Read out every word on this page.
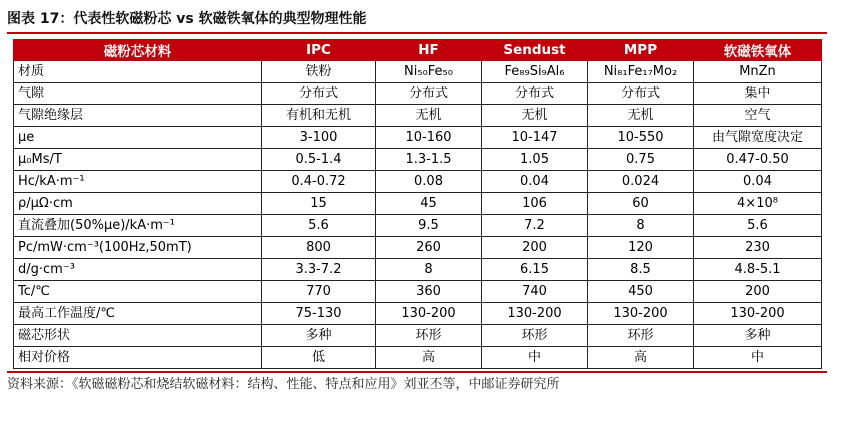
图表 17：代表性软磁粉芯 vs 软磁铁氧体的典型物理性能
磁粉芯材料	IPC	HF	Sendust	MPP	软磁铁氧体
材质	铁粉	Ni₅₀Fe₅₀	Fe₈₉Si₉Al₆	Ni₈₁Fe₁₇Mo₂	MnZn
气隙	分布式	分布式	分布式	分布式	集中
气隙绝缘层	有机和无机	无机	无机	无机	空气
μe	3-100	10-160	10-147	10-550	由气隙宽度决定
μ₀Ms/T	0.5-1.4	1.3-1.5	1.05	0.75	0.47-0.50
Hc/kA·m⁻¹	0.4-0.72	0.08	0.04	0.024	0.04
ρ/μΩ·cm	15	45	106	60	4×10⁸
直流叠加(50%μe)/kA·m⁻¹	5.6	9.5	7.2	8	5.6
Pc/mW·cm⁻³(100Hz,50mT)	800	260	200	120	230
d/g·cm⁻³	3.3-7.2	8	6.15	8.5	4.8-5.1
Tc/℃	770	360	740	450	200
最高工作温度/℃	75-130	130-200	130-200	130-200	130-200
磁芯形状	多种	环形	环形	环形	多种
相对价格	低	高	中	高	中
资料来源：《软磁磁粉芯和烧结软磁材料：结构、性能、特点和应用》刘亚丕等，中邮证券研究所
